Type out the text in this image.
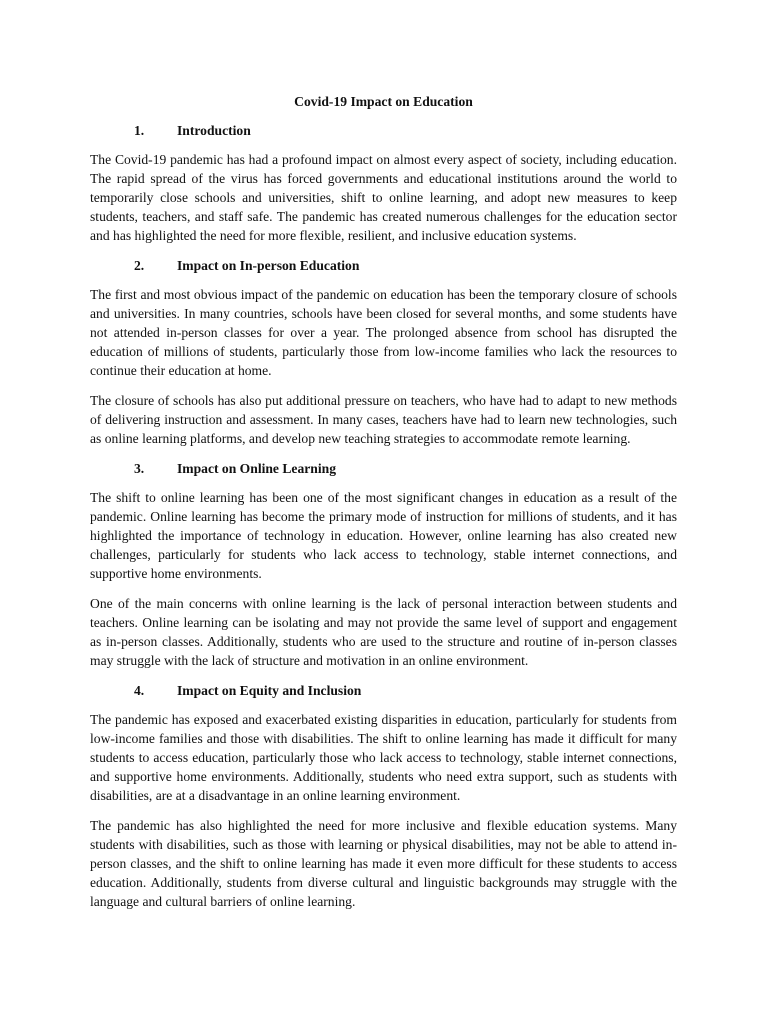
Covid-19 Impact on Education
1.	Introduction

The Covid-19 pandemic has had a profound impact on almost every aspect of society, including education. The rapid spread of the virus has forced governments and educational institutions around the world to temporarily close schools and universities, shift to online learning, and adopt new measures to keep students, teachers, and staff safe. The pandemic has created numerous challenges for the education sector and has highlighted the need for more flexible, resilient, and inclusive education systems.

2.	Impact on In-person Education

The first and most obvious impact of the pandemic on education has been the temporary closure of schools and universities. In many countries, schools have been closed for several months, and some students have not attended in-person classes for over a year. The prolonged absence from school has disrupted the education of millions of students, particularly those from low-income families who lack the resources to continue their education at home.

The closure of schools has also put additional pressure on teachers, who have had to adapt to new methods of delivering instruction and assessment. In many cases, teachers have had to learn new technologies, such as online learning platforms, and develop new teaching strategies to accommodate remote learning.

3.	Impact on Online Learning

The shift to online learning has been one of the most significant changes in education as a result of the pandemic. Online learning has become the primary mode of instruction for millions of students, and it has highlighted the importance of technology in education. However, online learning has also created new challenges, particularly for students who lack access to technology, stable internet connections, and supportive home environments.

One of the main concerns with online learning is the lack of personal interaction between students and teachers. Online learning can be isolating and may not provide the same level of support and engagement as in-person classes. Additionally, students who are used to the structure and routine of in-person classes may struggle with the lack of structure and motivation in an online environment.

4.	Impact on Equity and Inclusion

The pandemic has exposed and exacerbated existing disparities in education, particularly for students from low-income families and those with disabilities. The shift to online learning has made it difficult for many students to access education, particularly those who lack access to technology, stable internet connections, and supportive home environments. Additionally, students who need extra support, such as students with disabilities, are at a disadvantage in an online learning environment.

The pandemic has also highlighted the need for more inclusive and flexible education systems. Many students with disabilities, such as those with learning or physical disabilities, may not be able to attend in-person classes, and the shift to online learning has made it even more difficult for these students to access education. Additionally, students from diverse cultural and linguistic backgrounds may struggle with the language and cultural barriers of online learning.
